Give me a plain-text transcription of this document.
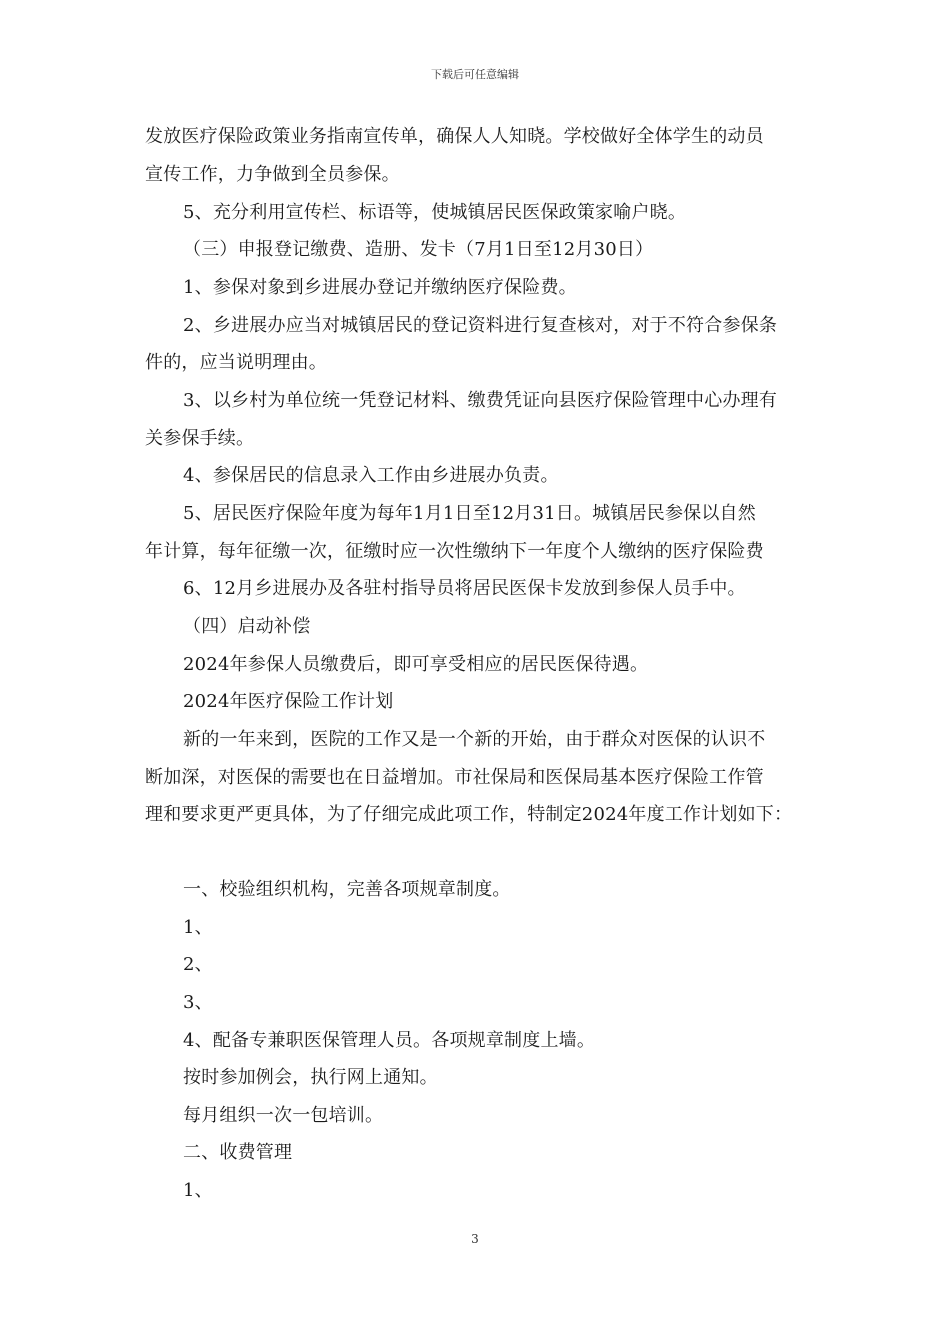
下载后可任意编辑
发放医疗保险政策业务指南宣传单，确保人人知晓。学校做好全体学生的动员
宣传工作，力争做到全员参保。
5、充分利用宣传栏、标语等，使城镇居民医保政策家喻户晓。
（三）申报登记缴费、造册、发卡（7月1日至12月30日）
1、参保对象到乡进展办登记并缴纳医疗保险费。
2、乡进展办应当对城镇居民的登记资料进行复查核对，对于不符合参保条
件的，应当说明理由。
3、以乡村为单位统一凭登记材料、缴费凭证向县医疗保险管理中心办理有
关参保手续。
4、参保居民的信息录入工作由乡进展办负责。
5、居民医疗保险年度为每年1月1日至12月31日。城镇居民参保以自然
年计算，每年征缴一次，征缴时应一次性缴纳下一年度个人缴纳的医疗保险费
6、12月乡进展办及各驻村指导员将居民医保卡发放到参保人员手中。
（四）启动补偿
2024年参保人员缴费后，即可享受相应的居民医保待遇。
2024年医疗保险工作计划
新的一年来到，医院的工作又是一个新的开始，由于群众对医保的认识不
断加深，对医保的需要也在日益增加。市社保局和医保局基本医疗保险工作管
理和要求更严更具体，为了仔细完成此项工作，特制定2024年度工作计划如下：
一、校验组织机构，完善各项规章制度。
1、
2、
3、
4、配备专兼职医保管理人员。各项规章制度上墙。
按时参加例会，执行网上通知。
每月组织一次一包培训。
二、收费管理
1、
3
